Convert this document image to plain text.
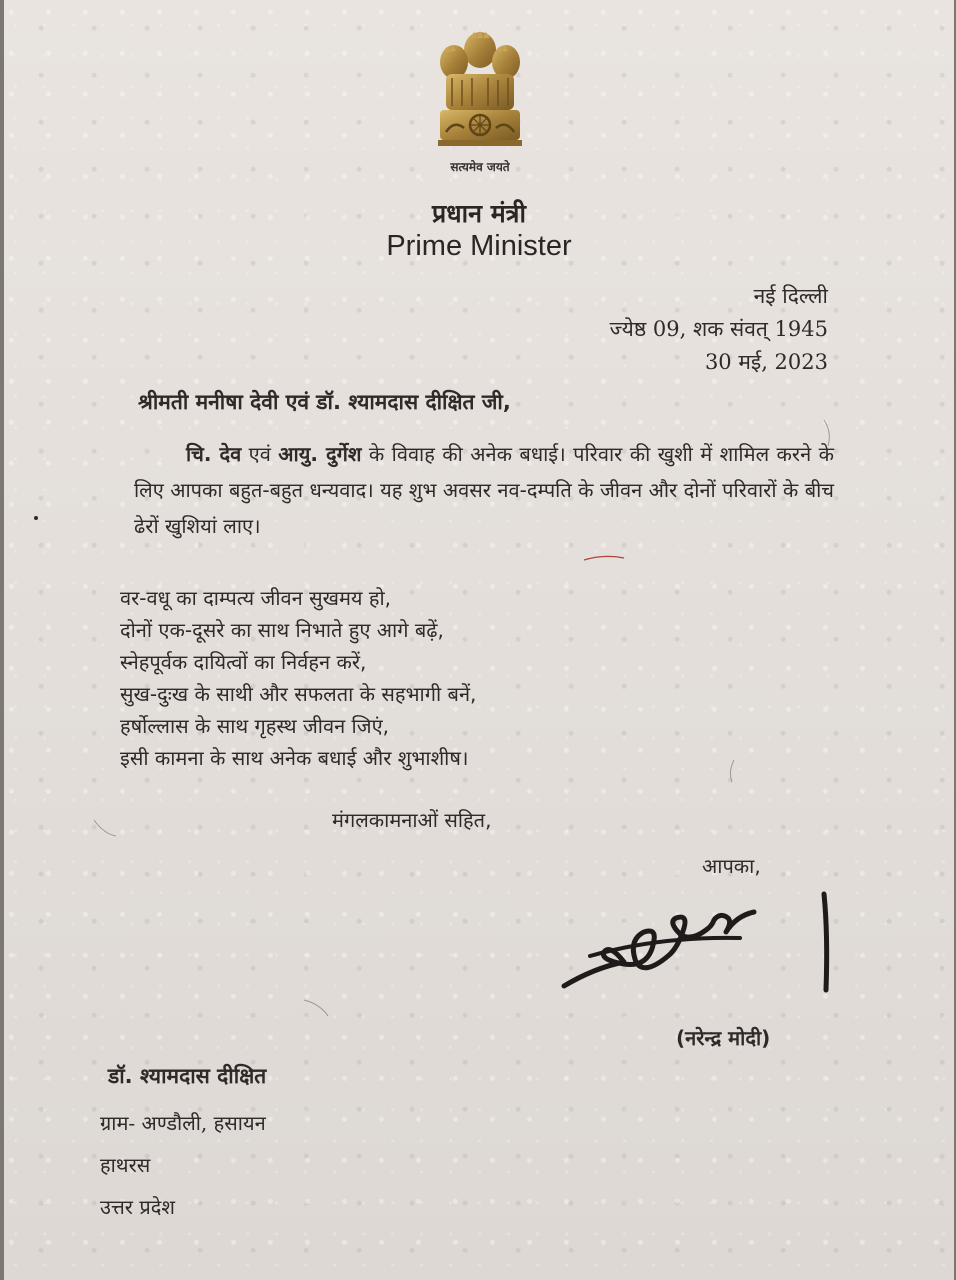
सत्यमेव जयते
प्रधान मंत्री
Prime Minister
नई दिल्ली
ज्येष्ठ 09, शक संवत् 1945
30 मई, 2023
श्रीमती मनीषा देवी एवं डॉ. श्यामदास दीक्षित जी,
चि. देव एवं आयु. दुर्गेश के विवाह की अनेक बधाई। परिवार की खुशी में शामिल करने के लिए आपका बहुत-बहुत धन्यवाद। यह शुभ अवसर नव-दम्पति के जीवन और दोनों परिवारों के बीच ढेरों खुशियां लाए।
वर-वधू का दाम्पत्य जीवन सुखमय हो,
दोनों एक-दूसरे का साथ निभाते हुए आगे बढ़ें,
स्नेहपूर्वक दायित्वों का निर्वहन करें,
सुख-दुःख के साथी और सफलता के सहभागी बनें,
हर्षोल्लास के साथ गृहस्थ जीवन जिएं,
इसी कामना के साथ अनेक बधाई और शुभाशीष।
मंगलकामनाओं सहित,
आपका,
(नरेन्द्र मोदी)
डॉ. श्यामदास दीक्षित
ग्राम- अण्डौली, हसायन
हाथरस
उत्तर प्रदेश
